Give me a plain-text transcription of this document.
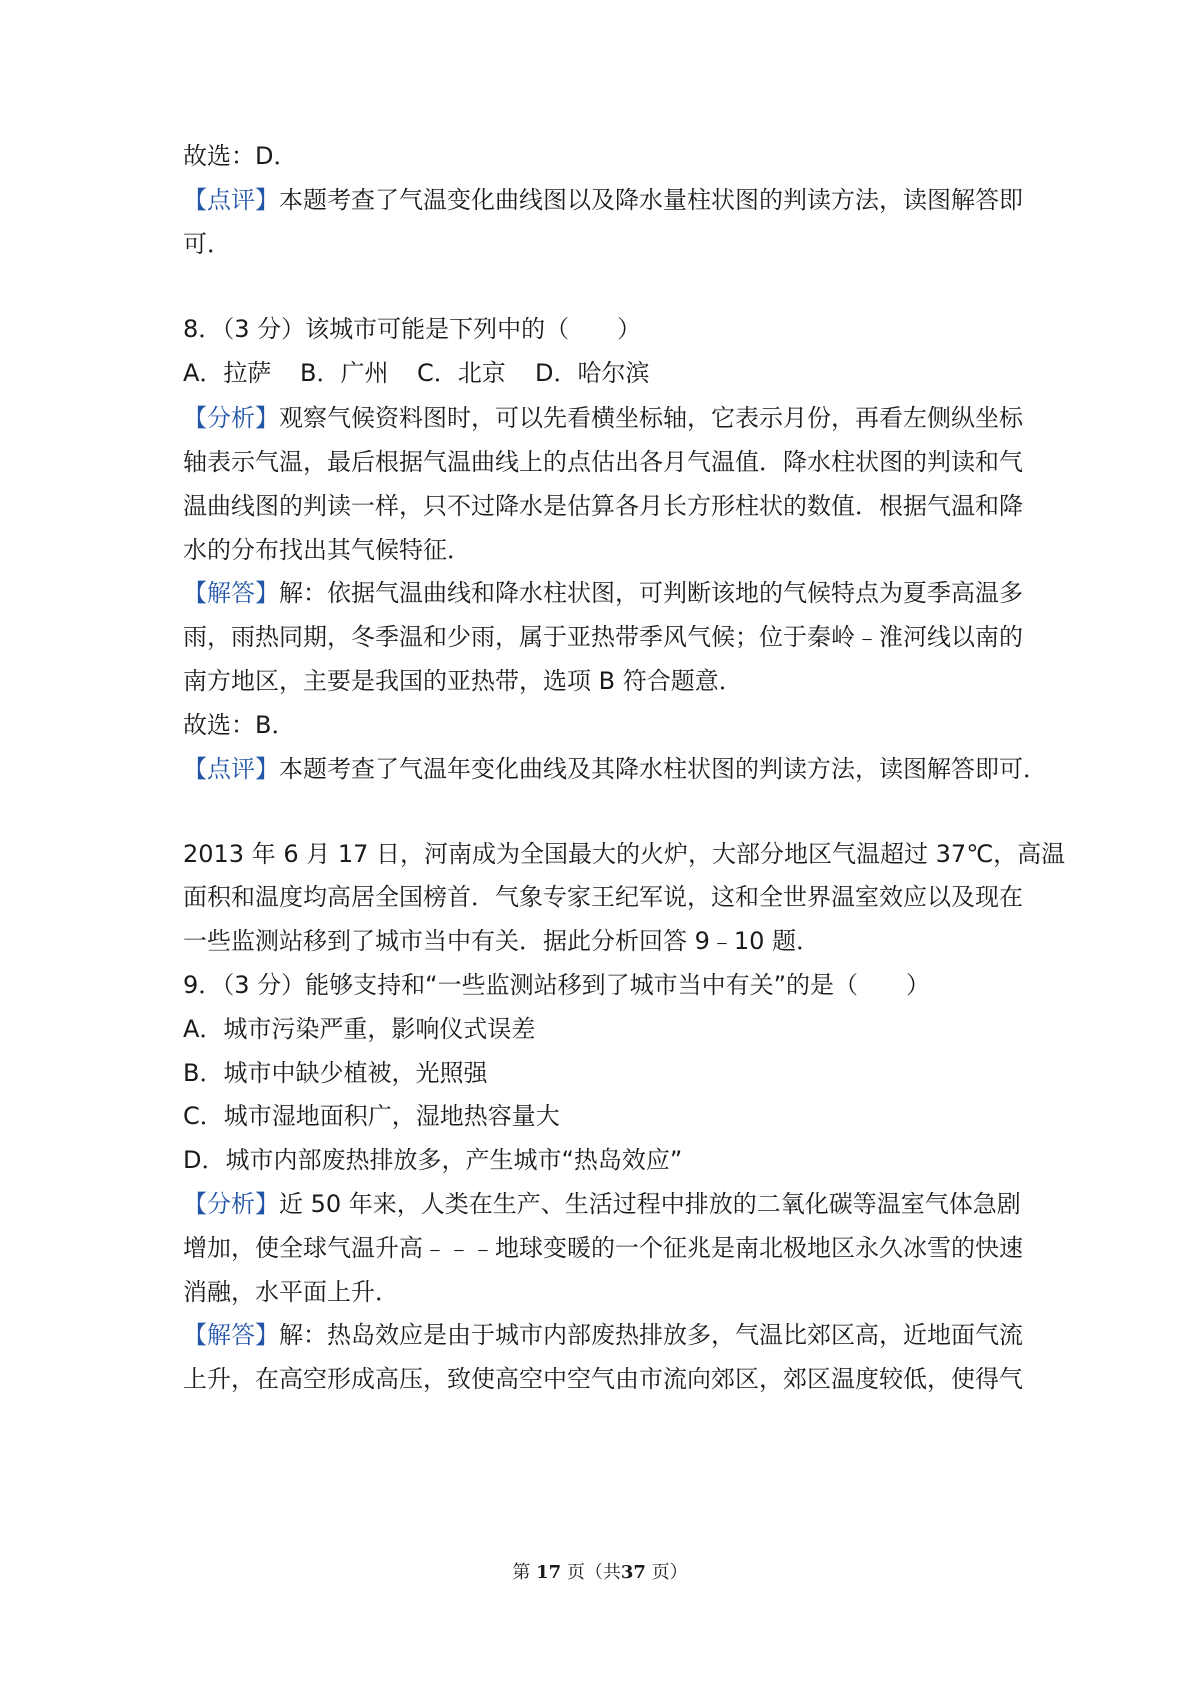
故选：D．
【点评】本题考查了气温变化曲线图以及降水量柱状图的判读方法，读图解答即
可．
8．（3 分）该城市可能是下列中的（　　）
A．拉萨 B．广州 C．北京 D．哈尔滨
【分析】观察气候资料图时，可以先看横坐标轴，它表示月份，再看左侧纵坐标
轴表示气温，最后根据气温曲线上的点估出各月气温值．降水柱状图的判读和气
温曲线图的判读一样，只不过降水是估算各月长方形柱状的数值．根据气温和降
水的分布找出其气候特征．
【解答】解：依据气温曲线和降水柱状图，可判断该地的气候特点为夏季高温多
雨，雨热同期，冬季温和少雨，属于亚热带季风气候；位于秦岭﹣淮河线以南的
南方地区，主要是我国的亚热带，选项 B 符合题意．
故选：B．
【点评】本题考查了气温年变化曲线及其降水柱状图的判读方法，读图解答即可．
2013 年 6 月 17 日，河南成为全国最大的火炉，大部分地区气温超过 37℃，高温
面积和温度均高居全国榜首．气象专家王纪军说，这和全世界温室效应以及现在
一些监测站移到了城市当中有关．据此分析回答 9﹣10 题．
9．（3 分）能够支持和“一些监测站移到了城市当中有关”的是（　　）
A．城市污染严重，影响仪式误差
B．城市中缺少植被，光照强
C．城市湿地面积广，湿地热容量大
D．城市内部废热排放多，产生城市“热岛效应”
【分析】近 50 年来，人类在生产、生活过程中排放的二氧化碳等温室气体急剧
增加，使全球气温升高﹣﹣﹣地球变暖的一个征兆是南北极地区永久冰雪的快速
消融，水平面上升．
【解答】解：热岛效应是由于城市内部废热排放多，气温比郊区高，近地面气流
上升，在高空形成高压，致使高空中空气由市流向郊区，郊区温度较低，使得气
第 17 页（共37 页）
